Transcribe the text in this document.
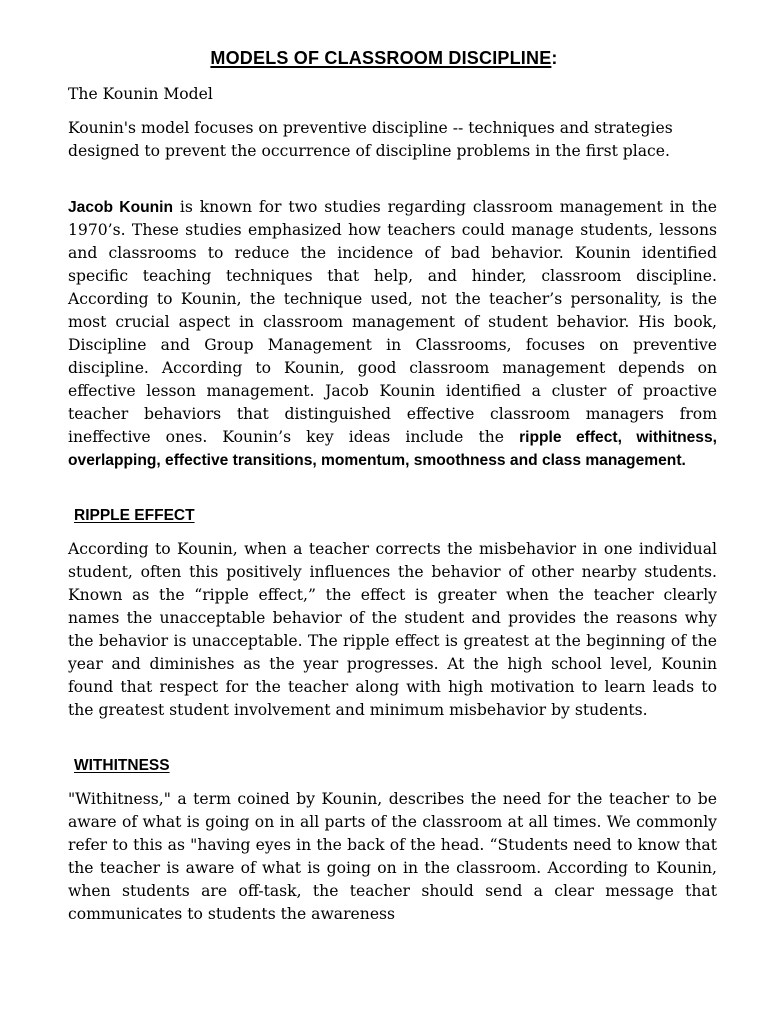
MODELS OF CLASSROOM DISCIPLINE:
The Kounin Model
Kounin's model focuses on preventive discipline -- techniques and strategies designed to prevent the occurrence of discipline problems in the first place.
Jacob Kounin is known for two studies regarding classroom management in the 1970’s. These studies emphasized how teachers could manage students, lessons and classrooms to reduce the incidence of bad behavior. Kounin identified specific teaching techniques that help, and hinder, classroom discipline. According to Kounin, the technique used, not the teacher’s personality, is the most crucial aspect in classroom management of student behavior. His book, Discipline and Group Management in Classrooms, focuses on preventive discipline. According to Kounin, good classroom management depends on effective lesson management. Jacob Kounin identified a cluster of proactive teacher behaviors that distinguished effective classroom managers from ineffective ones. Kounin’s key ideas include the ripple effect, withitness, overlapping, effective transitions, momentum, smoothness and class management.
RIPPLE EFFECT
According to Kounin, when a teacher corrects the misbehavior in one individual student, often this positively influences the behavior of other nearby students. Known as the “ripple effect,” the effect is greater when the teacher clearly names the unacceptable behavior of the student and provides the reasons why the behavior is unacceptable. The ripple effect is greatest at the beginning of the year and diminishes as the year progresses. At the high school level, Kounin found that respect for the teacher along with high motivation to learn leads to the greatest student involvement and minimum misbehavior by students.
WITHITNESS
"Withitness," a term coined by Kounin, describes the need for the teacher to be aware of what is going on in all parts of the classroom at all times. We commonly refer to this as "having eyes in the back of the head. “Students need to know that the teacher is aware of what is going on in the classroom. According to Kounin, when students are off-task, the teacher should send a clear message that communicates to students the awareness
